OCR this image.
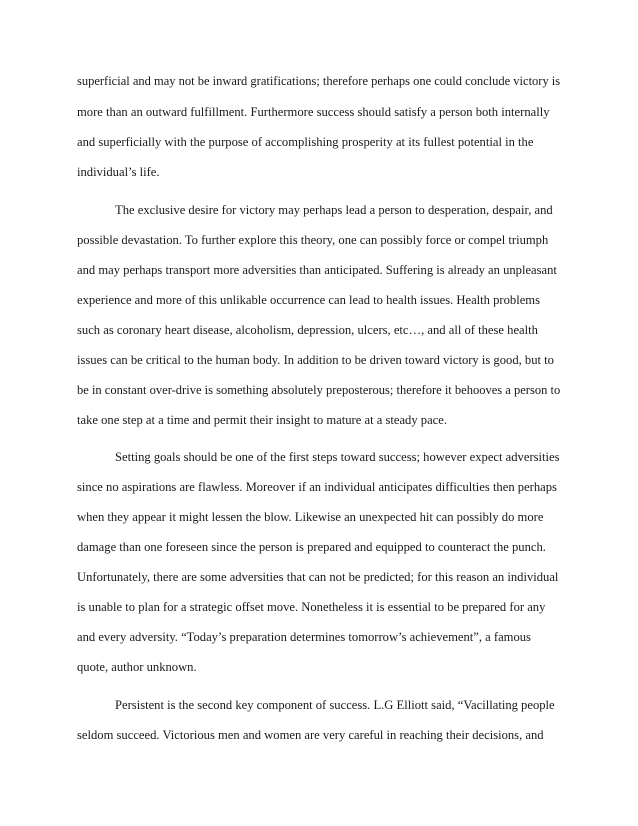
superficial and may not be inward gratifications; therefore perhaps one could conclude victory is
more than an outward fulfillment. Furthermore success should satisfy a person both internally
and superficially with the purpose of accomplishing prosperity at its fullest potential in the
individual’s life.
The exclusive desire for victory may perhaps lead a person to desperation, despair, and
possible devastation. To further explore this theory, one can possibly force or compel triumph
and may perhaps transport more adversities than anticipated. Suffering is already an unpleasant
experience and more of this unlikable occurrence can lead to health issues. Health problems
such as coronary heart disease, alcoholism, depression, ulcers, etc…, and all of these health
issues can be critical to the human body. In addition to be driven toward victory is good, but to
be in constant over-drive is something absolutely preposterous; therefore it behooves a person to
take one step at a time and permit their insight to mature at a steady pace.
Setting goals should be one of the first steps toward success; however expect adversities
since no aspirations are flawless. Moreover if an individual anticipates difficulties then perhaps
when they appear it might lessen the blow. Likewise an unexpected hit can possibly do more
damage than one foreseen since the person is prepared and equipped to counteract the punch.
Unfortunately, there are some adversities that can not be predicted; for this reason an individual
is unable to plan for a strategic offset move. Nonetheless it is essential to be prepared for any
and every adversity. “Today’s preparation determines tomorrow’s achievement”, a famous
quote, author unknown.
Persistent is the second key component of success. L.G Elliott said, “Vacillating people
seldom succeed. Victorious men and women are very careful in reaching their decisions, and
